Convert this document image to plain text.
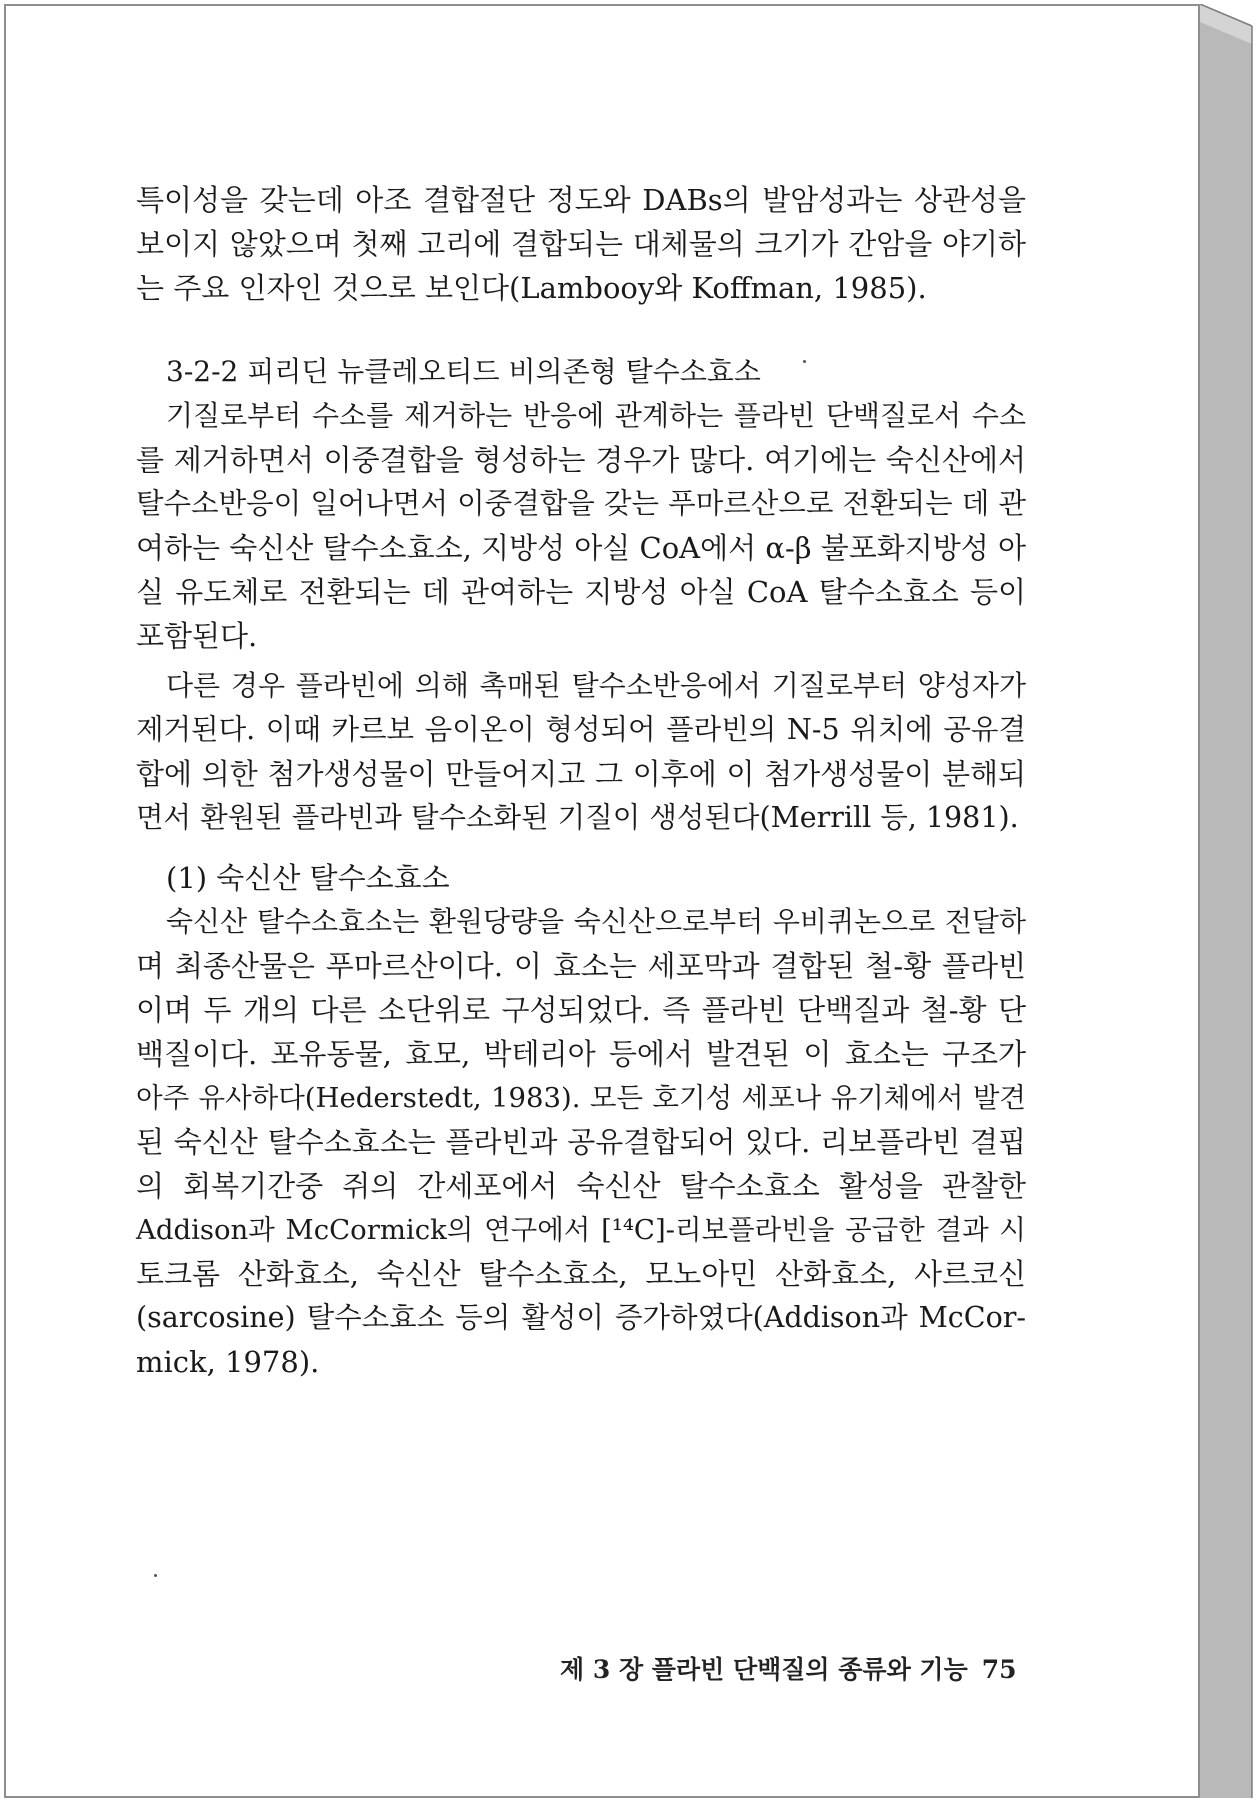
특이성을 갖는데 아조 결합절단 정도와 DABs의 발암성과는 상관성을
보이지 않았으며 첫째 고리에 결합되는 대체물의 크기가 간암을 야기하
는 주요 인자인 것으로 보인다(Lambooy와 Koffman, 1985).
3-2-2 피리딘 뉴클레오티드 비의존형 탈수소효소
기질로부터 수소를 제거하는 반응에 관계하는 플라빈 단백질로서 수소
를 제거하면서 이중결합을 형성하는 경우가 많다. 여기에는 숙신산에서
탈수소반응이 일어나면서 이중결합을 갖는 푸마르산으로 전환되는 데 관
여하는 숙신산 탈수소효소, 지방성 아실 CoA에서 α-β 불포화지방성 아
실 유도체로 전환되는 데 관여하는 지방성 아실 CoA 탈수소효소 등이
포함된다.
다른 경우 플라빈에 의해 촉매된 탈수소반응에서 기질로부터 양성자가
제거된다. 이때 카르보 음이온이 형성되어 플라빈의 N-5 위치에 공유결
합에 의한 첨가생성물이 만들어지고 그 이후에 이 첨가생성물이 분해되
면서 환원된 플라빈과 탈수소화된 기질이 생성된다(Merrill 등, 1981).
(1) 숙신산 탈수소효소
숙신산 탈수소효소는 환원당량을 숙신산으로부터 우비퀴논으로 전달하
며 최종산물은 푸마르산이다. 이 효소는 세포막과 결합된 철-황 플라빈
이며 두 개의 다른 소단위로 구성되었다. 즉 플라빈 단백질과 철-황 단
백질이다. 포유동물, 효모, 박테리아 등에서 발견된 이 효소는 구조가
아주 유사하다(Hederstedt, 1983). 모든 호기성 세포나 유기체에서 발견
된 숙신산 탈수소효소는 플라빈과 공유결합되어 있다. 리보플라빈 결핍
의 회복기간중 쥐의 간세포에서 숙신산 탈수소효소 활성을 관찰한
Addison과 McCormick의 연구에서 [¹⁴C]-리보플라빈을 공급한 결과 시
토크롬 산화효소, 숙신산 탈수소효소, 모노아민 산화효소, 사르코신
(sarcosine) 탈수소효소 등의 활성이 증가하였다(Addison과 McCor-
mick, 1978).
제 3 장 플라빈 단백질의 종류와 기능 75
